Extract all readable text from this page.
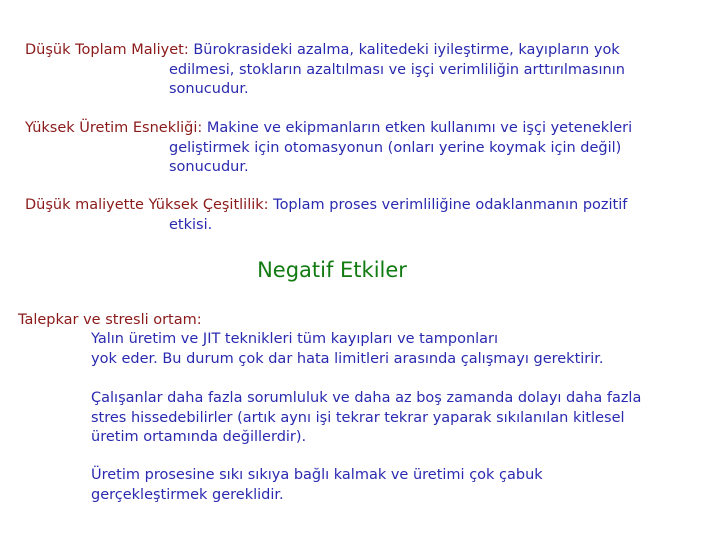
Düşük Toplam Maliyet: Bürokrasideki azalma, kalitedeki iyileştirme, kayıpların yok
edilmesi, stokların azaltılması ve işçi verimliliğin arttırılmasının
sonucudur.
Yüksek Üretim Esnekliği: Makine ve ekipmanların etken kullanımı ve işçi yetenekleri
geliştirmek için otomasyonun (onları yerine koymak için değil)
sonucudur.
Düşük maliyette Yüksek Çeşitlilik: Toplam proses verimliliğine odaklanmanın pozitif
etkisi.
Negatif Etkiler
Talepkar ve stresli ortam:
Yalın üretim ve JIT teknikleri tüm kayıpları ve tamponları
yok eder. Bu durum çok dar hata limitleri arasında çalışmayı gerektirir.
Çalışanlar daha fazla sorumluluk ve daha az boş zamanda dolayı daha fazla
stres hissedebilirler (artık aynı işi tekrar tekrar yaparak sıkılanılan kitlesel
üretim ortamında değillerdir).
Üretim prosesine sıkı sıkıya bağlı kalmak ve üretimi çok çabuk
gerçekleştirmek gereklidir.
